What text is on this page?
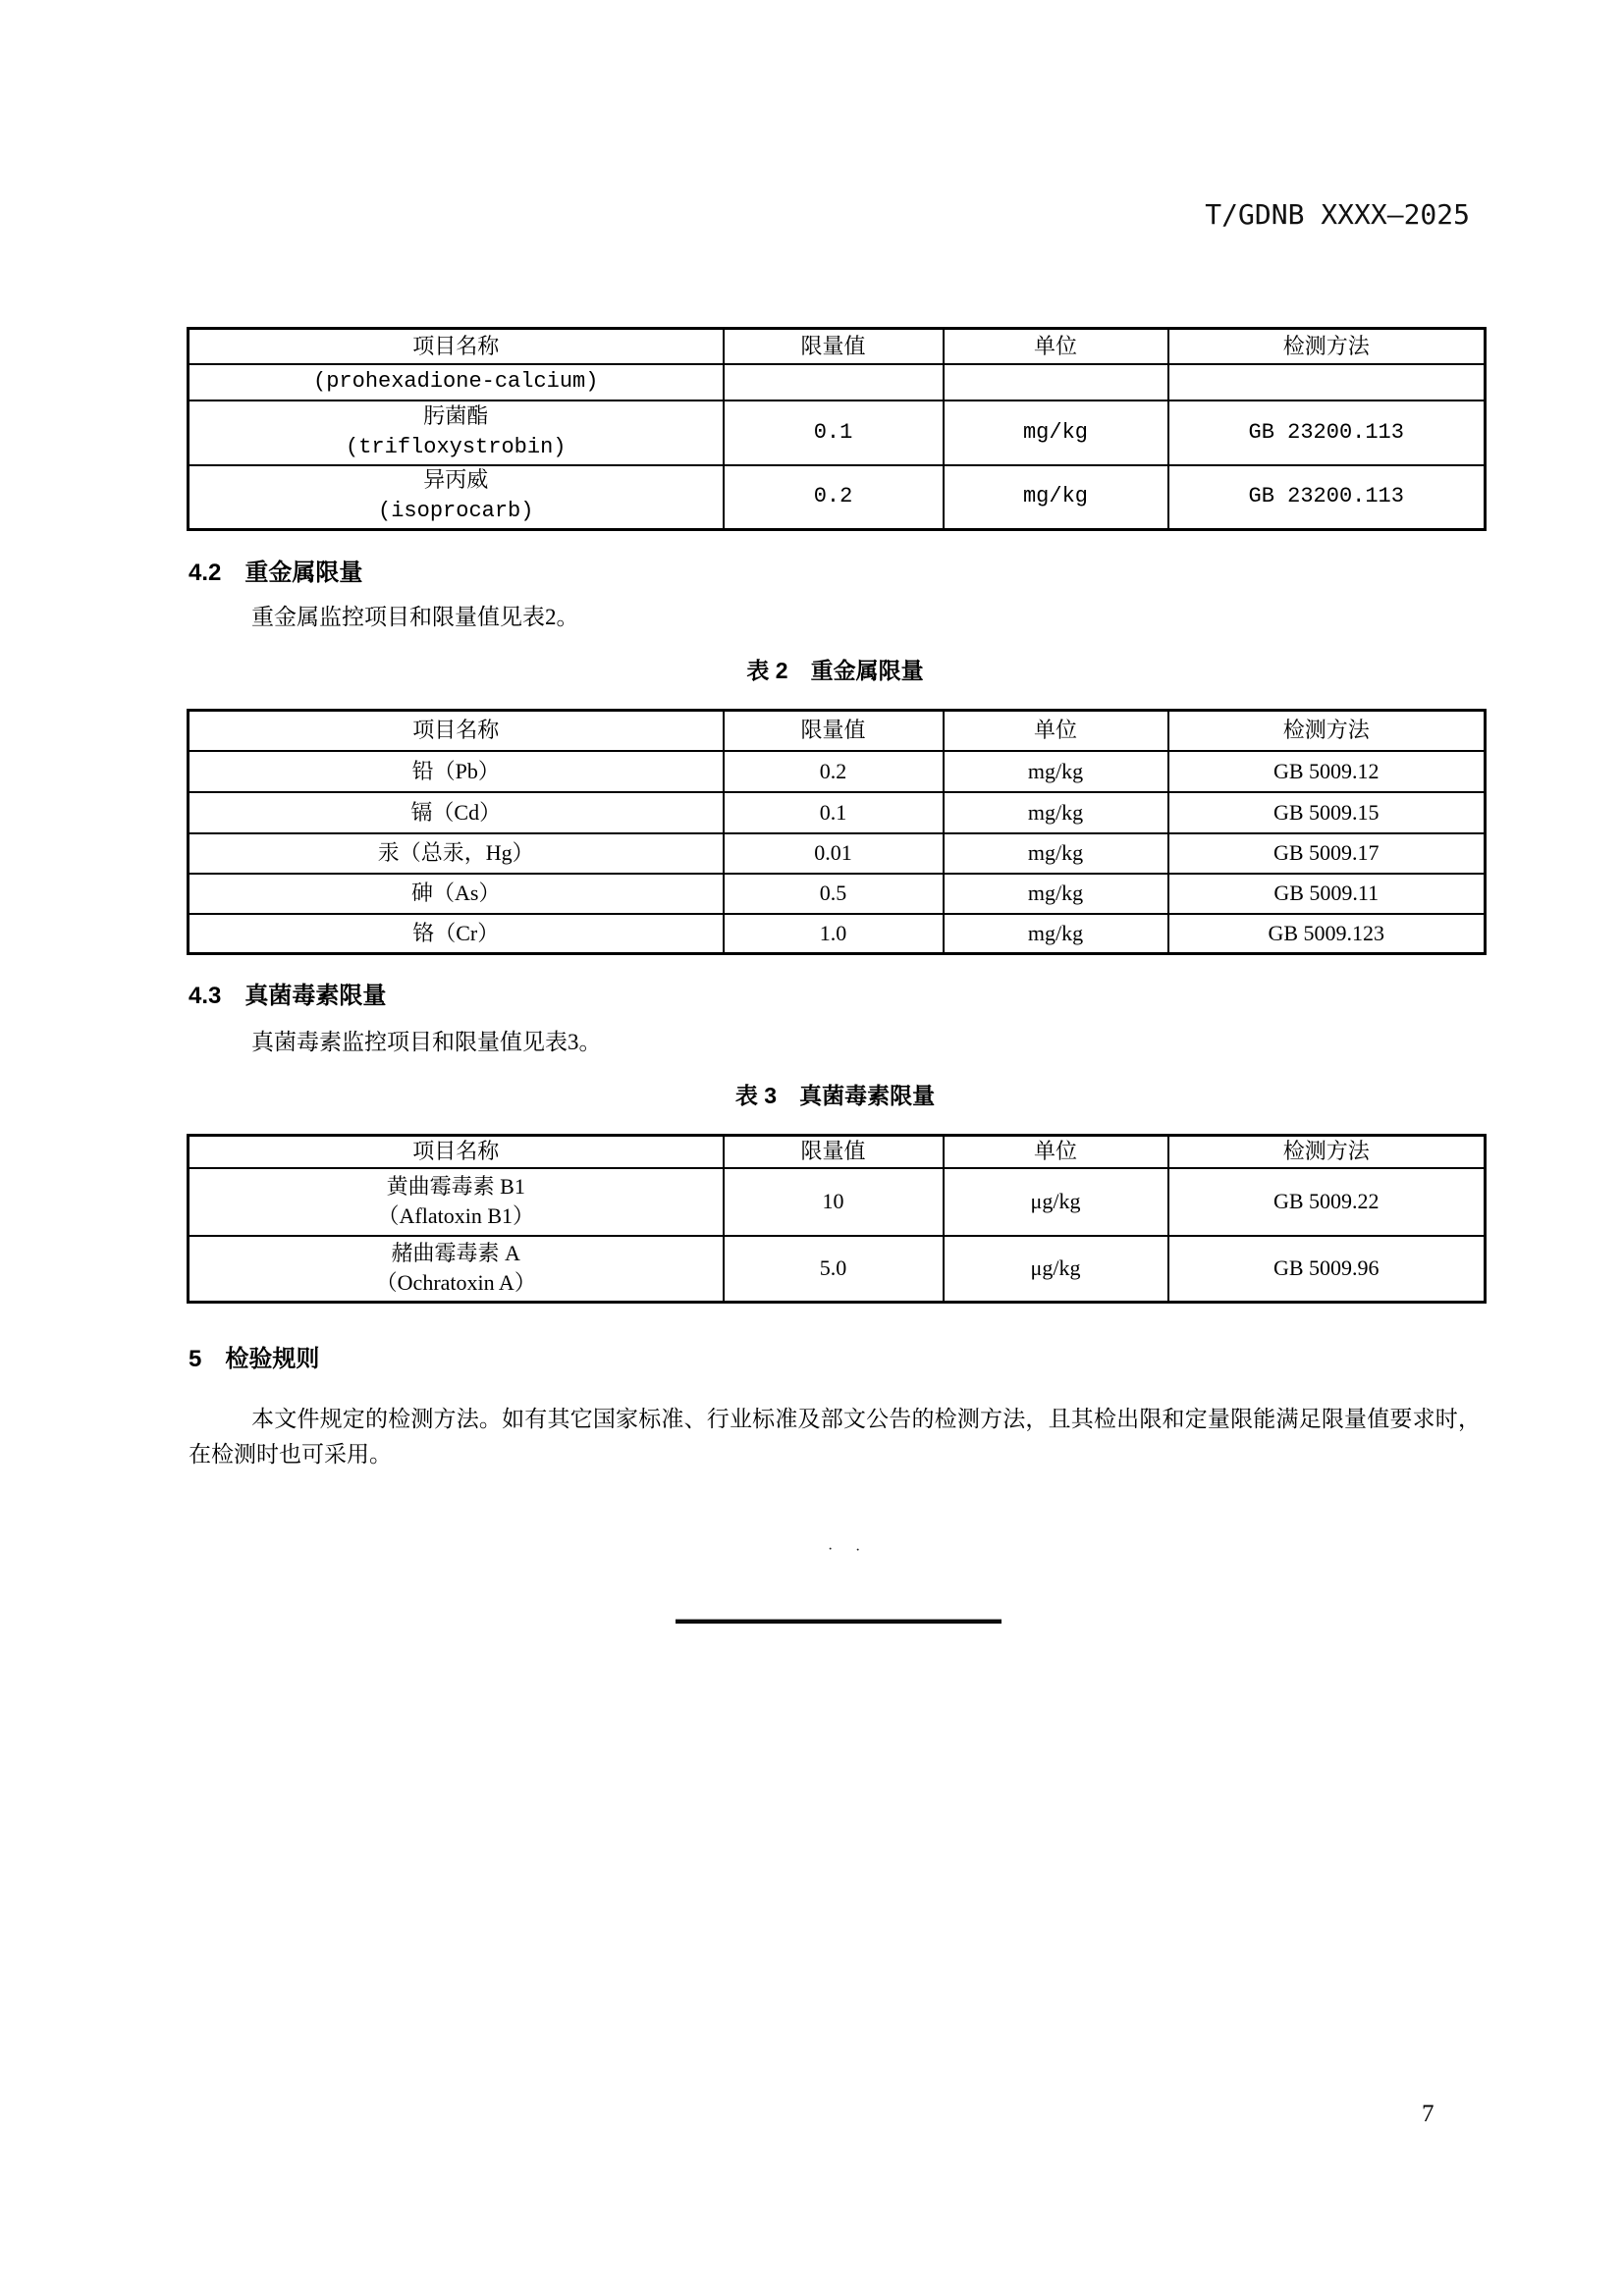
T/GDNB XXXX—2025
项目名称	限量值	单位	检测方法

(prohexadione-calcium)			

肟菌酯
(trifloxystrobin)	0.1	mg/kg	GB 23200.113

异丙威
(isoprocarb)	0.2	mg/kg	GB 23200.113
4.2 重金属限量
重金属监控项目和限量值见表2。
表 2　重金属限量
项目名称	限量值	单位	检测方法
铅（Pb）	0.2	mg/kg	GB 5009.12
镉（Cd）	0.1	mg/kg	GB 5009.15
汞（总汞，Hg）	0.01	mg/kg	GB 5009.17
砷（As）	0.5	mg/kg	GB 5009.11
铬（Cr）	1.0	mg/kg	GB 5009.123
4.3 真菌毒素限量
真菌毒素监控项目和限量值见表3。
表 3　真菌毒素限量
项目名称	限量值	单位	检测方法

黄曲霉毒素 B1
（Aflatoxin B1）	10	μg/kg	GB 5009.22

赭曲霉毒素 A
（Ochratoxin A）	5.0	μg/kg	GB 5009.96
5 检验规则
本文件规定的检测方法。如有其它国家标准、行业标准及部文公告的检测方法，且其检出限和定量限能满足限量值要求时，在检测时也可采用。
· ·
7
